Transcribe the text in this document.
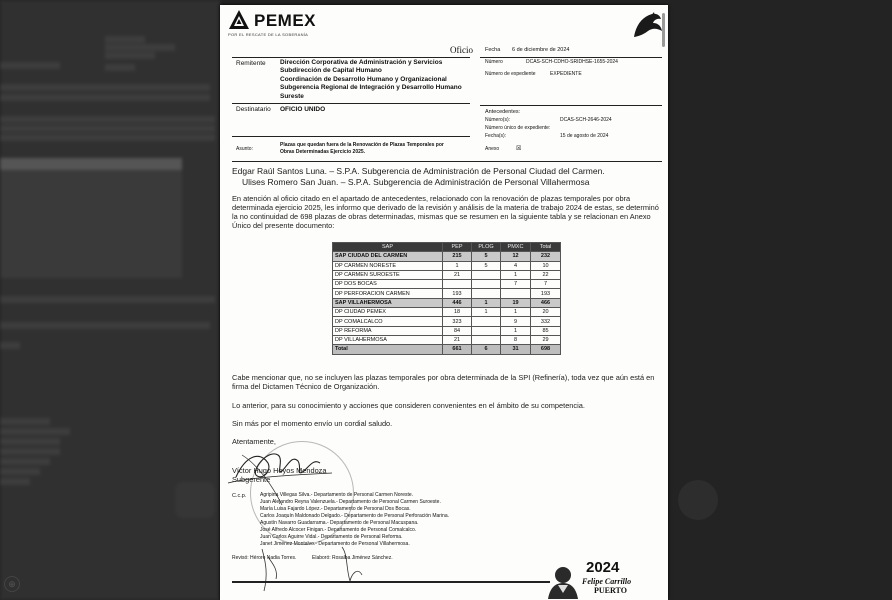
⊕
PEMEX
POR EL RESCATE DE LA SOBERANÍA
Oficio Fecha 6 de diciembre de 2024
Número	DCAS-SCH-CDHO-SRIDHSE-1655-2024
Número de expediente	EXPEDIENTE
Remitente Dirección Corporativa de Administración y Servicios
Subdirección de Capital Humano
Coordinación de Desarrollo Humano y Organizacional
Subgerencia Regional de Integración y Desarrollo Humano
Sureste
Destinatario OFICIO UNIDO	Antecedentes:
Número(s):	DCAS-SCH-2646-2024
Número único de expediente:
Fecha(s):	15 de agosto de 2024
Asunto:
Plazas que quedan fuera de la Renovación de Plazas Temporales por
Obras Determinadas Ejercicio 2025.	Anexo	☒
Edgar Raúl Santos Luna. – S.P.A. Subgerencia de Administración de Personal Ciudad del Carmen.
Ulises Romero San Juan. – S.P.A. Subgerencia de Administración de Personal Villahermosa
En atención al oficio citado en el apartado de antecedentes, relacionado con la renovación de plazas temporales por obra
determinada ejercicio 2025, les informo que derivado de la revisión y análisis de la materia de trabajo 2024 de estas, se determinó
la no continuidad de 698 plazas de obras determinadas, mismas que se resumen en la siguiente tabla y se relacionan en Anexo
Único del presente documento:
SAP	PEP	PLOG	PMXC	Total
SAP CIUDAD DEL CARMEN	215	5	12	232
DP CARMEN NORESTE	1	5	4	10
DP CARMEN SUROESTE	21		1	22
DP DOS BOCAS			7	7
DP PERFORACION CARMEN	193			193
SAP VILLAHERMOSA	446	1	19	466
DP CIUDAD PEMEX	18	1	1	20
DP COMALCALCO	323		9	332
DP REFORMA	84		1	85
DP VILLAHERMOSA	21		8	29
Total	661	6	31	698
Cabe mencionar que, no se incluyen las plazas temporales por obra determinada de la SPI (Refinería), toda vez que aún está en
firma del Dictamen Técnico de Organización.
Lo anterior, para su conocimiento y acciones que consideren convenientes en el ámbito de su competencia.
Sin más por el momento envío un cordial saludo.
Atentamente,
Víctor Hugo Hoyos Mendoza
Subgerente
C.c.p.	Agripina Villegas Silva.- Departamento de Personal Carmen Noreste.
Juan Alejandro Reyna Valenzuela.- Departamento de Personal Carmen Suroeste.
María Luisa Fajardo López.- Departamento de Personal Dos Bocas.
Carlos Joaquín Maldonado Delgado.- Departamento de Personal Perforación Marina.
Agustín Navarro Guadarrama.- Departamento de Personal Macuspana.
José Alfredo Alcocer Finigan.- Departamento de Personal Comalcalco.
Juan Carlos Aguirre Vidal.- Departamento de Personal Reforma.
Janet Jiménez Montalvo.- Departamento de Personal Villahermosa.
Revisó: Hérore Nadia Torres.	Elaboró: Rosalba Jiménez Sánchez.
2024
Felipe Carrillo
PUERTO
